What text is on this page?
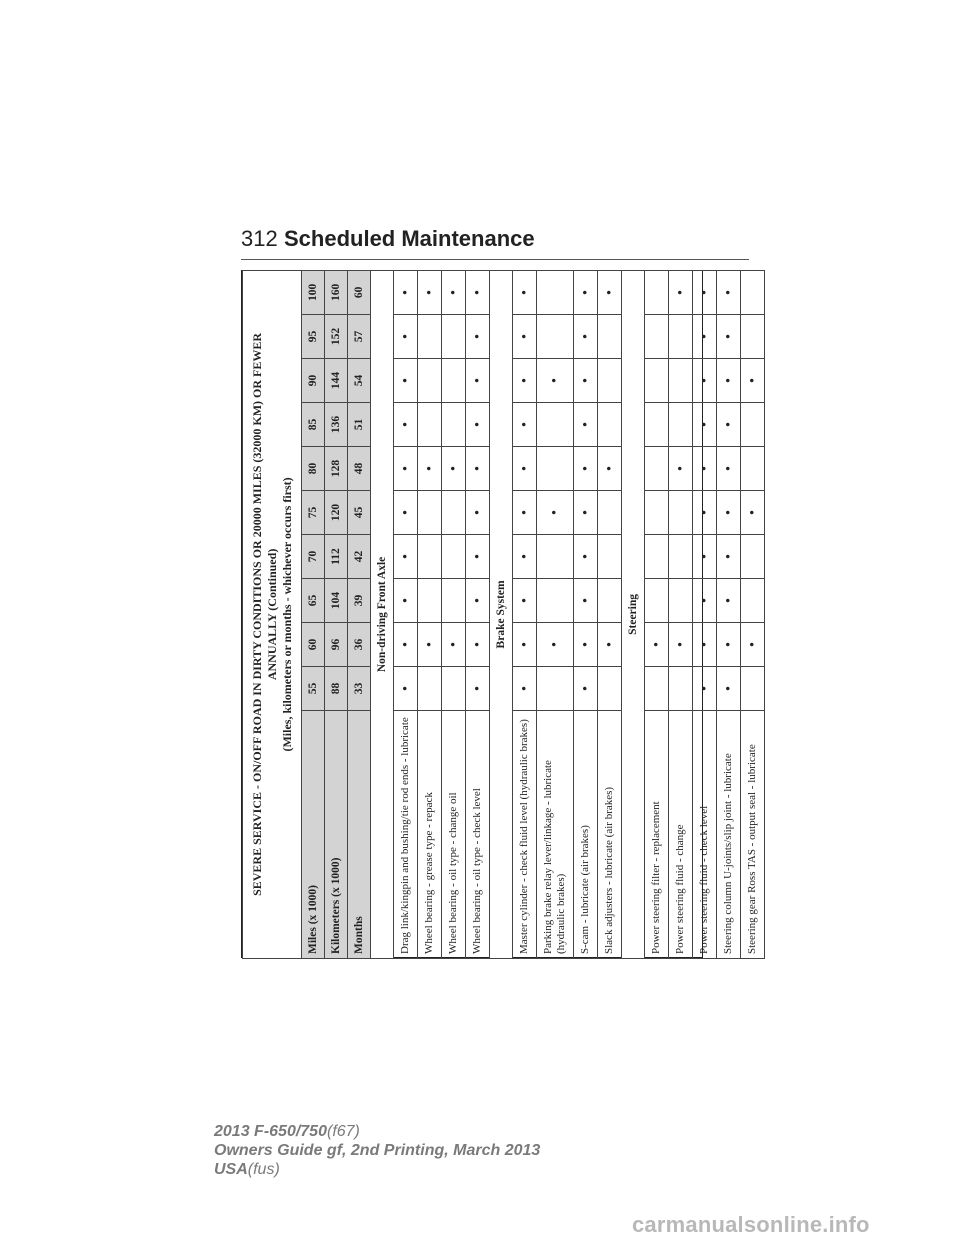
312 Scheduled Maintenance
SEVERE SERVICE - ON/OFF ROAD IN DIRTY CONDITIONS OR 20000 MILES (32000 KM) OR FEWER ANNUALLY (Continued) (Miles, kilometers or months - whichever occurs first)										

Miles (x 1000)	55	60	65	70	75	80	85	90	95	100
Kilometers (x 1000)	88	96	104	112	120	128	136	144	152	160
Months	33	36	39	42	45	48	51	54	57	60
Non-driving Front Axle										
Drag link/kingpin and bushing/tie rod ends - lubricate	•	•	•	•	•	•	•	•	•	•
Wheel bearing - grease type - repack		•				•				•
Wheel bearing - oil type - change oil		•				•				•
Wheel bearing - oil type - check level	•	•	•	•	•	•	•	•	•	•
Brake System										
Master cylinder - check fluid level (hydraulic brakes)	•	•	•	•	•	•	•	•	•	•
Parking brake relay lever/linkage - lubricate (hydraulic brakes)		•			•			•		
S-cam - lubricate (air brakes)	•	•	•	•	•	•	•	•	•	•
Slack adjusters - lubricate (air brakes)		•				•				•
Steering										
Power steering filter - replacement		•								
Power steering fluid - change		•				•				•
Power steering fluid - check level	•	•	•	•	•	•	•	•	•	•
Steering column U-joints/slip joint - lubricate	•	•	•	•	•	•	•	•	•	•
Steering gear Ross TAS - output seal - lubricate		•			•			•		
2013 F-650/750(f67)
Owners Guide gf, 2nd Printing, March 2013
USA(fus)
carmanualsonline.info
